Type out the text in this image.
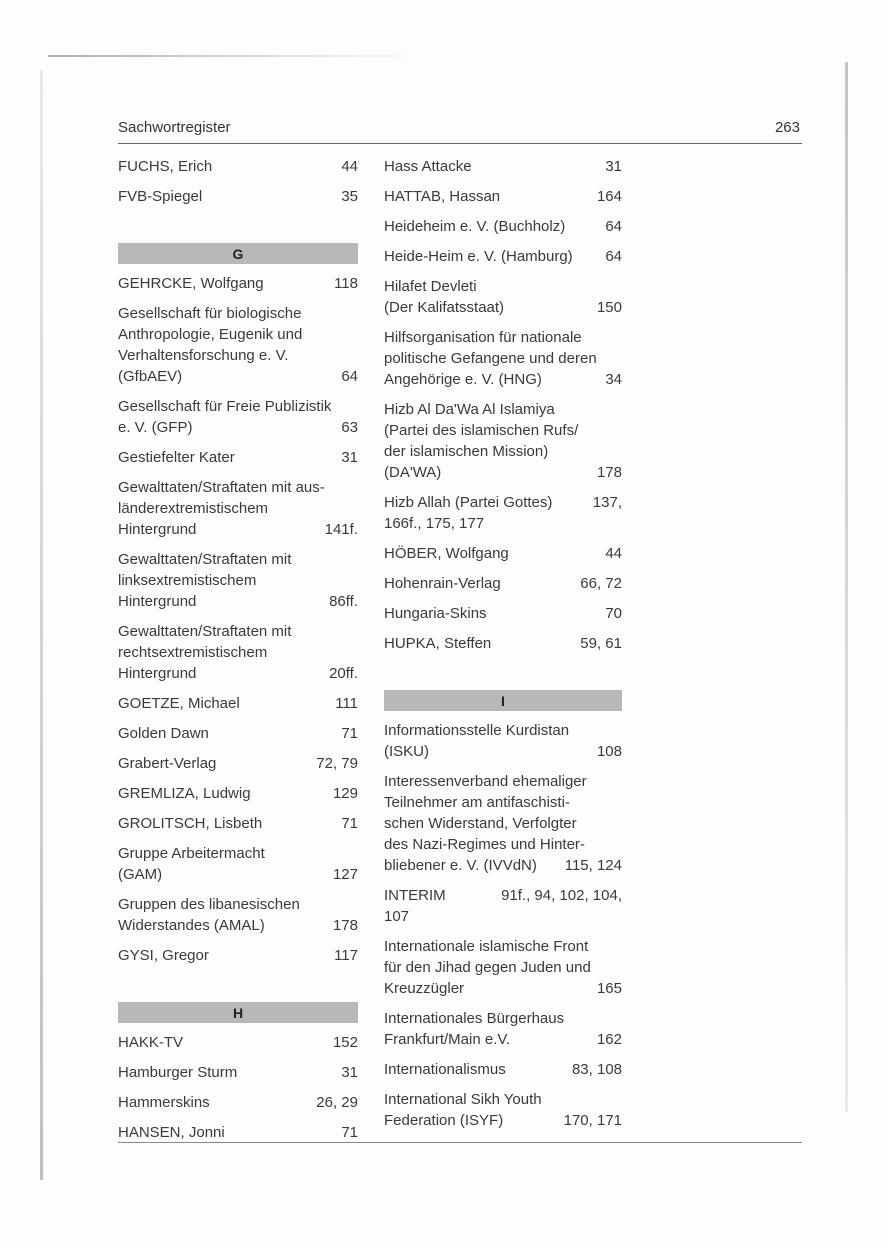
Sachwortregister	263
FUCHS, Erich	44
FVB-Spiegel	35
G
GEHRCKE, Wolfgang	118
Gesellschaft für biologische
Anthropologie, Eugenik und
Verhaltensforschung e. V.
(GfbAEV)	64
Gesellschaft für Freie Publizistik
e. V. (GFP)	63
Gestiefelter Kater	31
Gewalttaten/Straftaten mit aus-
länderextremistischem
Hintergrund	141f.
Gewalttaten/Straftaten mit
linksextremistischem
Hintergrund	86ff.
Gewalttaten/Straftaten mit
rechtsextremistischem
Hintergrund	20ff.
GOETZE, Michael	111
Golden Dawn	71
Grabert-Verlag	72, 79
GREMLIZA, Ludwig	129
GROLITSCH, Lisbeth	71
Gruppe Arbeitermacht
(GAM)	127
Gruppen des libanesischen
Widerstandes (AMAL)	178
GYSI, Gregor	117
H
HAKK-TV	152
Hamburger Sturm	31
Hammerskins	26, 29
HANSEN, Jonni	71
Hass Attacke	31
HATTAB, Hassan	164
Heideheim e. V. (Buchholz)	64
Heide-Heim e. V. (Hamburg)	64
Hilafet Devleti
(Der Kalifatsstaat)	150
Hilfsorganisation für nationale
politische Gefangene und deren
Angehörige e. V. (HNG)	34
Hizb Al Da'Wa Al Islamiya
(Partei des islamischen Rufs/
der islamischen Mission)
(DA'WA)	178
Hizb Allah (Partei Gottes)	137,
166f., 175, 177
HÖBER, Wolfgang	44
Hohenrain-Verlag	66, 72
Hungaria-Skins	70
HUPKA, Steffen	59, 61
I
Informationsstelle Kurdistan
(ISKU)	108
Interessenverband ehemaliger
Teilnehmer am antifaschisti-
schen Widerstand, Verfolgter
des Nazi-Regimes und Hinter-
bliebener e. V. (IVVdN)	115, 124
INTERIM	91f., 94, 102, 104,
107
Internationale islamische Front
für den Jihad gegen Juden und
Kreuzzügler	165
Internationales Bürgerhaus
Frankfurt/Main e.V.	162
Internationalismus	83, 108
International Sikh Youth
Federation (ISYF)	170, 171
